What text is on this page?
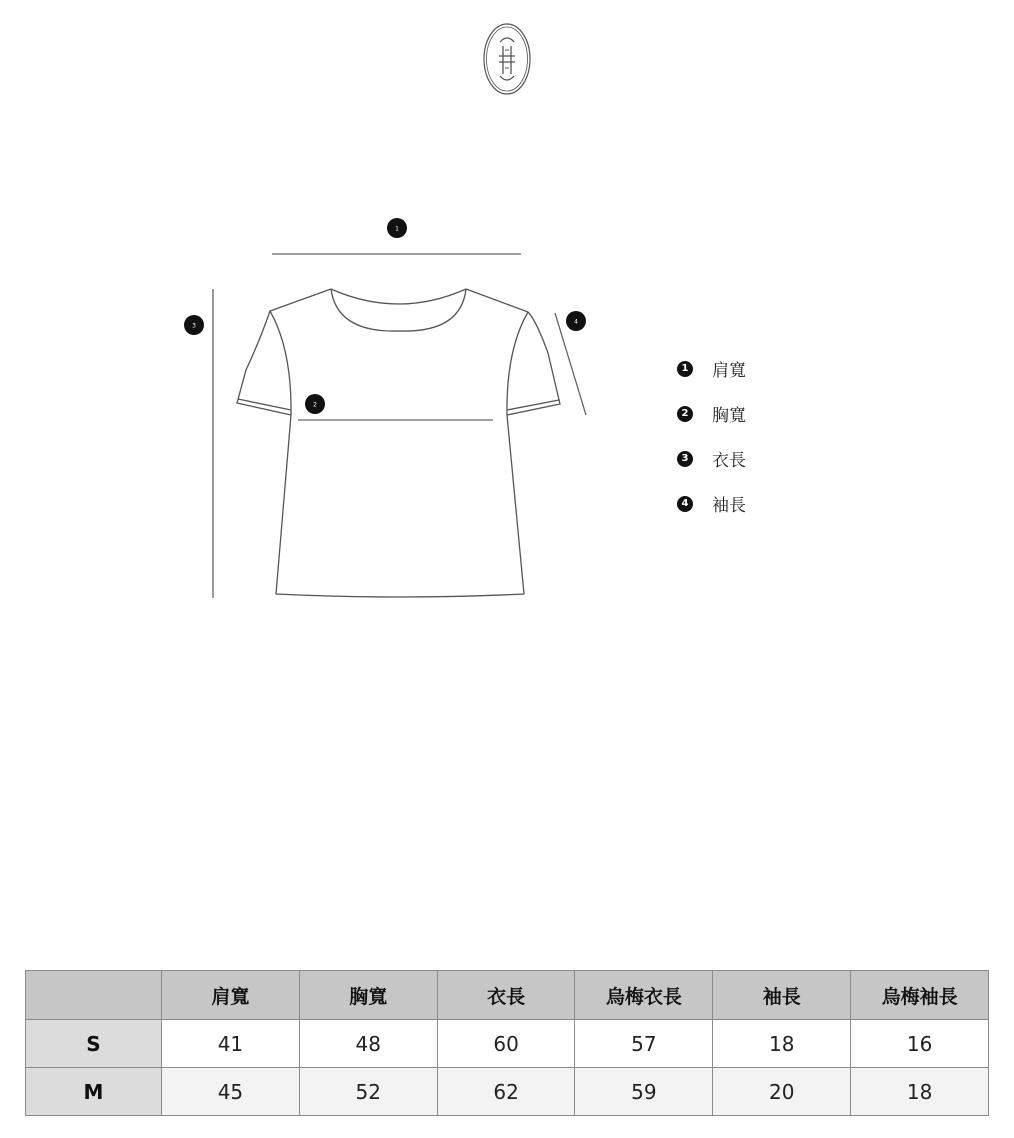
1
2
3
4
1 肩寬
2 胸寬
3 衣長
4 袖長
	肩寬	胸寬	衣長	烏梅衣長	袖長	烏梅袖長
S	41	48	60	57	18	16
M	45	52	62	59	20	18
